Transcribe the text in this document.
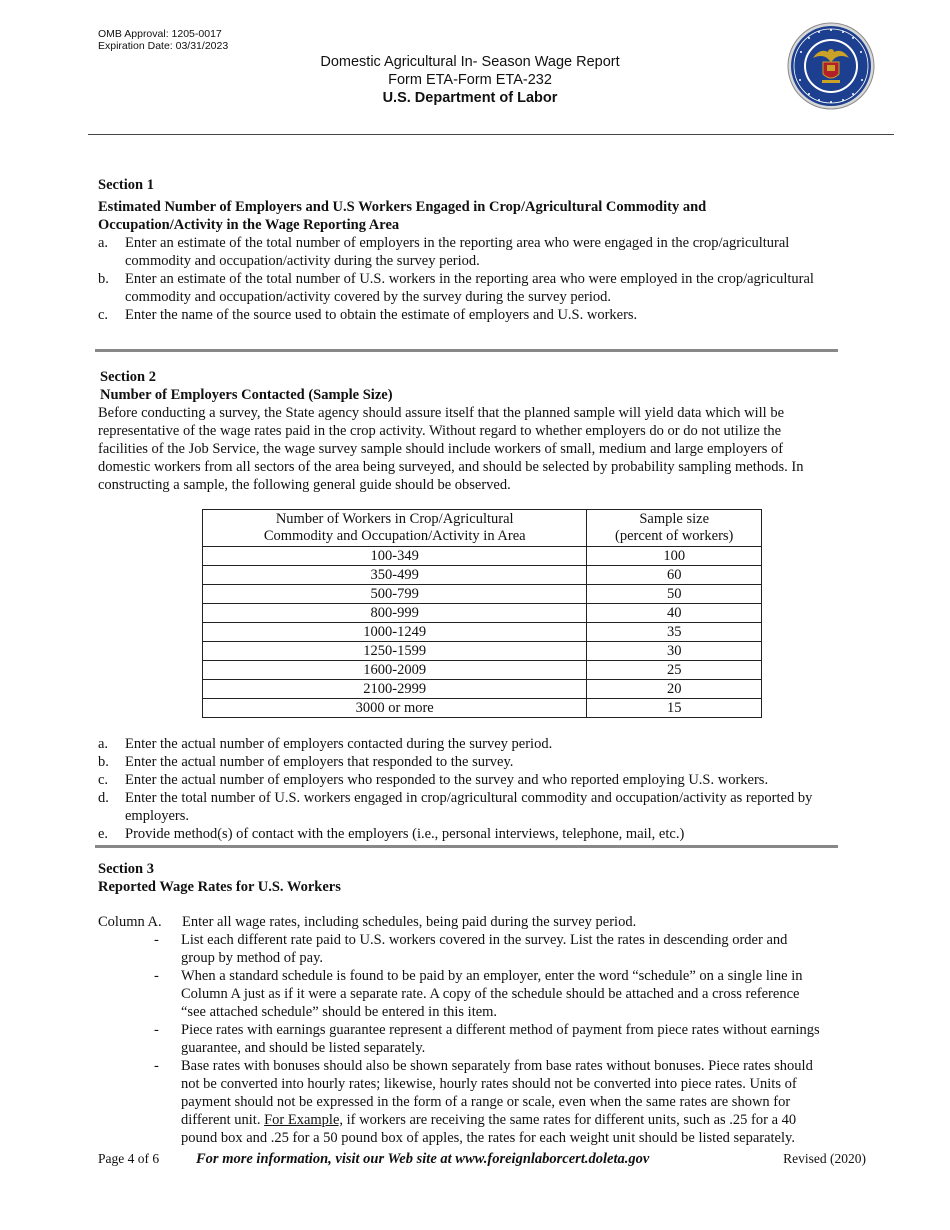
OMB Approval: 1205-0017
Expiration Date: 03/31/2023
Domestic Agricultural In- Season Wage Report
Form ETA-Form ETA-232
U.S. Department of Labor
Section 1
Estimated Number of Employers and U.S Workers Engaged in Crop/Agricultural Commodity and
Occupation/Activity in the Wage Reporting Area
a.	Enter an estimate of the total number of employers in the reporting area who were engaged in the crop/agricultural
commodity and occupation/activity during the survey period.
b.	Enter an estimate of the total number of U.S. workers in the reporting area who were employed in the crop/agricultural
commodity and occupation/activity covered by the survey during the survey period.
c.	Enter the name of the source used to obtain the estimate of employers and U.S. workers.
Section 2
Number of Employers Contacted (Sample Size)
Before conducting a survey, the State agency should assure itself that the planned sample will yield data which will be
representative of the wage rates paid in the crop activity. Without regard to whether employers do or do not utilize the
facilities of the Job Service, the wage survey sample should include workers of small, medium and large employers of
domestic workers from all sectors of the area being surveyed, and should be selected by probability sampling methods. In
constructing a sample, the following general guide should be observed.
Number of Workers in Crop/Agricultural
Commodity and Occupation/Activity in Area	Sample size
(percent of workers)
100-349	100
350-499	60
500-799	50
800-999	40
1000-1249	35
1250-1599	30
1600-2009	25
2100-2999	20
3000 or more	15
a.	Enter the actual number of employers contacted during the survey period.
b.	Enter the actual number of employers that responded to the survey.
c.	Enter the actual number of employers who responded to the survey and who reported employing U.S. workers.
d.	Enter the total number of U.S. workers engaged in crop/agricultural commodity and occupation/activity as reported by
employers.
e.	Provide method(s) of contact with the employers (i.e., personal interviews, telephone, mail, etc.)
Section 3
Reported Wage Rates for U.S. Workers
Column A.	Enter all wage rates, including schedules, being paid during the survey period.
-	List each different rate paid to U.S. workers covered in the survey. List the rates in descending order and
group by method of pay.
-	When a standard schedule is found to be paid by an employer, enter the word “schedule” on a single line in
Column A just as if it were a separate rate. A copy of the schedule should be attached and a cross reference
“see attached schedule” should be entered in this item.
-	Piece rates with earnings guarantee represent a different method of payment from piece rates without earnings
guarantee, and should be listed separately.
-	Base rates with bonuses should also be shown separately from base rates without bonuses. Piece rates should
not be converted into hourly rates; likewise, hourly rates should not be converted into piece rates. Units of
payment should not be expressed in the form of a range or scale, even when the same rates are shown for
different unit. For Example, if workers are receiving the same rates for different units, such as .25 for a 40
pound box and .25 for a 50 pound box of apples, the rates for each weight unit should be listed separately.
Page 4 of 6	For more information, visit our Web site at www.foreignlaborcert.doleta.gov	Revised (2020)
